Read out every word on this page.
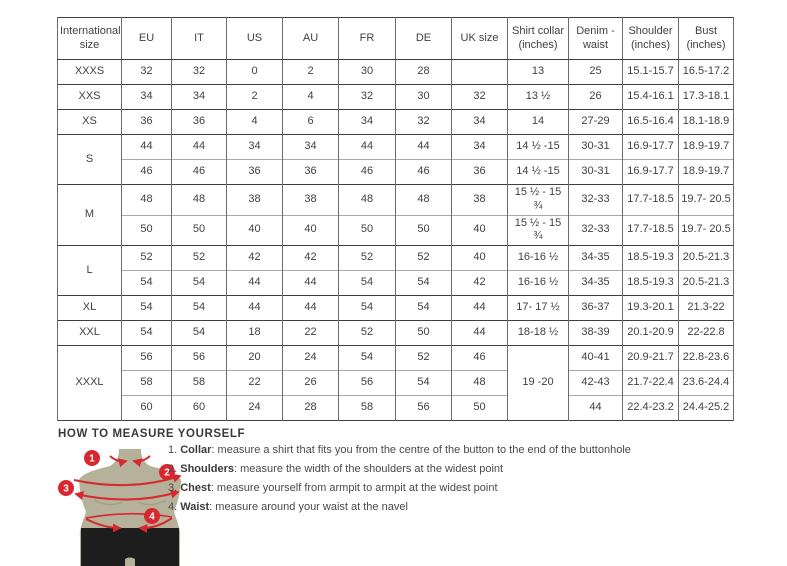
International size	EU	IT	US	AU	FR	DE	UK size	Shirt collar (inches)	Denim - waist	Shoulder (inches)	Bust (inches)
XXXS	32	32	0	2	30	28		13	25	15.1-15.7	16.5-17.2
XXS	34	34	2	4	32	30	32	13 ½	26	15.4-16.1	17.3-18.1
XS	36	36	4	6	34	32	34	14	27-29	16.5-16.4	18.1-18.9
S	44	44	34	34	44	44	34	14 ½ -15	30-31	16.9-17.7	18.9-19.7
	46	46	36	36	46	46	36	14 ½ -15	30-31	16.9-17.7	18.9-19.7
M	48	48	38	38	48	48	38	15 ½ - 15 ¾	32-33	17.7-18.5	19.7- 20.5
	50	50	40	40	50	50	40	15 ½ - 15 ¾	32-33	17.7-18.5	19.7- 20.5
L	52	52	42	42	52	52	40	16-16 ½	34-35	18.5-19.3	20.5-21.3
	54	54	44	44	54	54	42	16-16 ½	34-35	18.5-19.3	20.5-21.3
XL	54	54	44	44	54	54	44	17- 17 ½	36-37	19.3-20.1	21.3-22
XXL	54	54	18	22	52	50	44	18-18 ½	38-39	20.1-20.9	22-22.8
XXXL	56	56	20	24	54	52	46	19 -20	40-41	20.9-21.7	22.8-23.6
	58	58	22	26	56	54	48		42-43	21.7-22.4	23.6-24.4
	60	60	24	28	58	56	50		44	22.4-23.2	24.4-25.2
HOW TO MEASURE YOURSELF
1
2
3
4
1. Collar: measure a shirt that fits you from the centre of the button to the end of the buttonhole
2. Shoulders: measure the width of the shoulders at the widest point
3. Chest: measure yourself from armpit to armpit at the widest point
4. Waist: measure around your waist at the navel
